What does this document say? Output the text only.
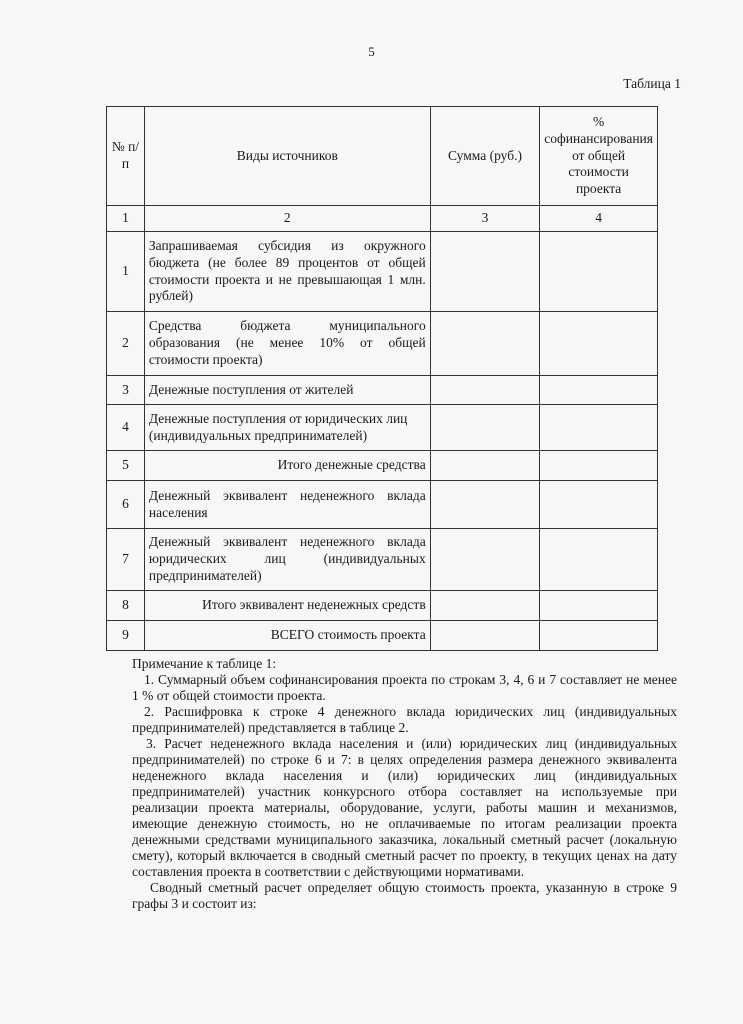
5
Таблица 1
№ п/п	Виды источников	Сумма (руб.)	% софинансирования от общей стоимости проекта
1	2	3	4
1	Запрашиваемая субсидия из окружного бюджета (не более 89 процентов от общей стоимости проекта и не превышающая 1 млн. рублей)		
2	Средства бюджета муниципального образования (не менее 10% от общей стоимости проекта)		
3	Денежные поступления от жителей		
4	Денежные поступления от юридических лиц (индивидуальных предпринимателей)		
5	Итого денежные средства		
6	Денежный эквивалент неденежного вклада населения		
7	Денежный эквивалент неденежного вклада юридических лиц (индивидуальных предпринимателей)		
8	Итого эквивалент неденежных средств		
9	ВСЕГО стоимость проекта		

Примечание к таблице 1:

1. Суммарный объем софинансирования проекта по строкам 3, 4, 6 и 7 составляет не менее 1 % от общей стоимости проекта.

2. Расшифровка к строке 4 денежного вклада юридических лиц (индивидуальных предпринимателей) представляется в таблице 2.

3. Расчет неденежного вклада населения и (или) юридических лиц (индивидуальных предпринимателей) по строке 6 и 7: в целях определения размера денежного эквивалента неденежного вклада населения и (или) юридических лиц (индивидуальных предпринимателей) участник конкурсного отбора составляет на используемые при реализации проекта материалы, оборудование, услуги, работы машин и механизмов, имеющие денежную стоимость, но не оплачиваемые по итогам реализации проекта денежными средствами муниципального заказчика, локальный сметный расчет (локальную смету), который включается в сводный сметный расчет по проекту, в текущих ценах на дату составления проекта в соответствии с действующими нормативами.

Сводный сметный расчет определяет общую стоимость проекта, указанную в строке 9 графы 3 и состоит из:
